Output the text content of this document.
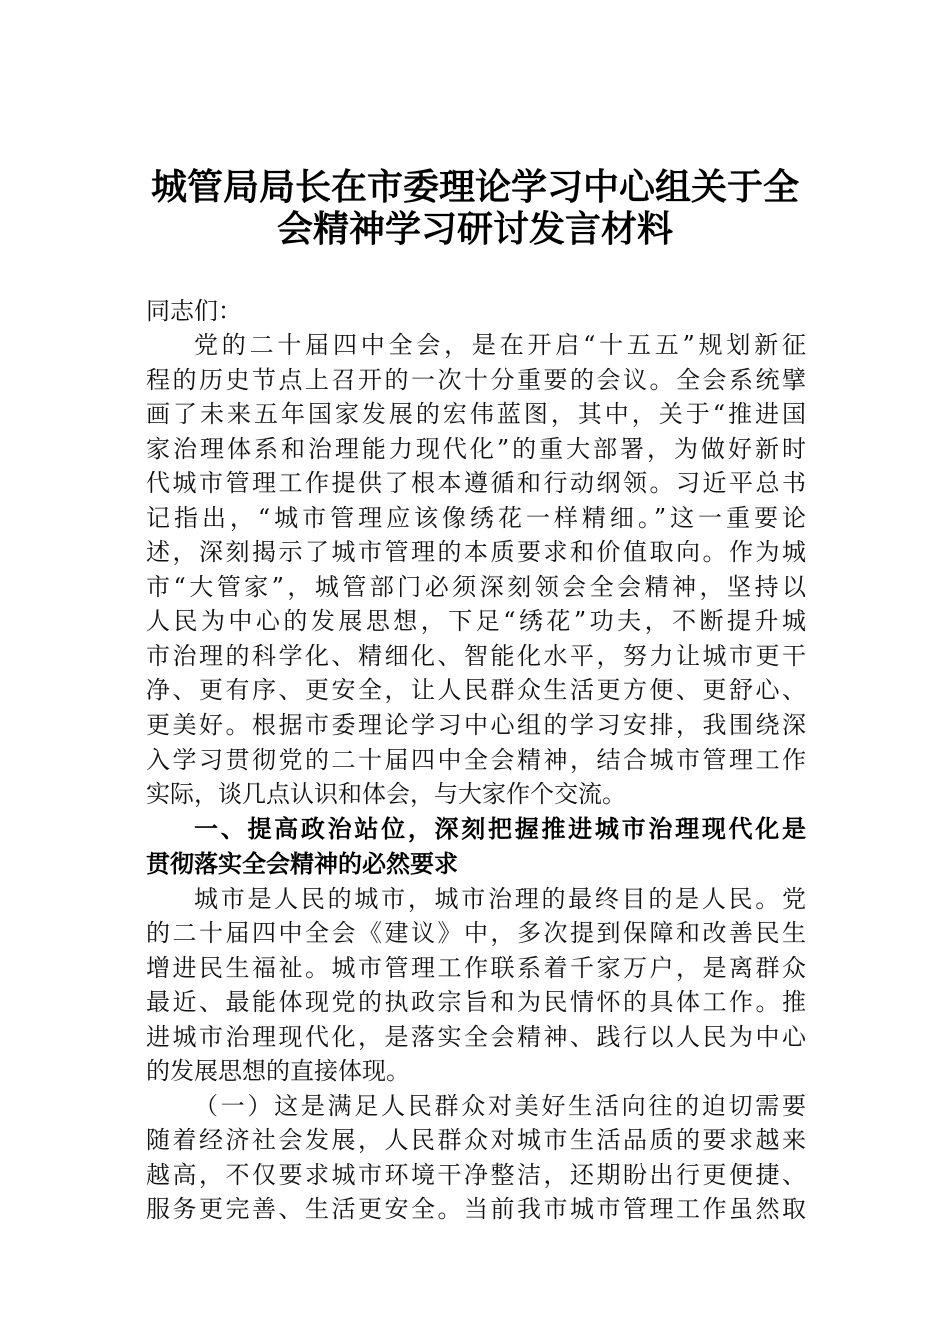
城管局局长在市委理论学习中心组关于全
会精神学习研讨发言材料
同志们：
党的二十届四中全会，是在开启“十五五”规划新征
程的历史节点上召开的一次十分重要的会议。全会系统擘
画了未来五年国家发展的宏伟蓝图，其中，关于“推进国
家治理体系和治理能力现代化”的重大部署，为做好新时
代城市管理工作提供了根本遵循和行动纲领。习近平总书
记指出，“城市管理应该像绣花一样精细。”这一重要论
述，深刻揭示了城市管理的本质要求和价值取向。作为城
市“大管家”，城管部门必须深刻领会全会精神，坚持以
人民为中心的发展思想，下足“绣花”功夫，不断提升城
市治理的科学化、精细化、智能化水平，努力让城市更干
净、更有序、更安全，让人民群众生活更方便、更舒心、
更美好。根据市委理论学习中心组的学习安排，我围绕深
入学习贯彻党的二十届四中全会精神，结合城市管理工作
实际，谈几点认识和体会，与大家作个交流。
一、提高政治站位，深刻把握推进城市治理现代化是
贯彻落实全会精神的必然要求
城市是人民的城市，城市治理的最终目的是人民。党
的二十届四中全会《建议》中，多次提到保障和改善民生
增进民生福祉。城市管理工作联系着千家万户，是离群众
最近、最能体现党的执政宗旨和为民情怀的具体工作。推
进城市治理现代化，是落实全会精神、践行以人民为中心
的发展思想的直接体现。
（一）这是满足人民群众对美好生活向往的迫切需要
随着经济社会发展，人民群众对城市生活品质的要求越来
越高，不仅要求城市环境干净整洁，还期盼出行更便捷、
服务更完善、生活更安全。当前我市城市管理工作虽然取
